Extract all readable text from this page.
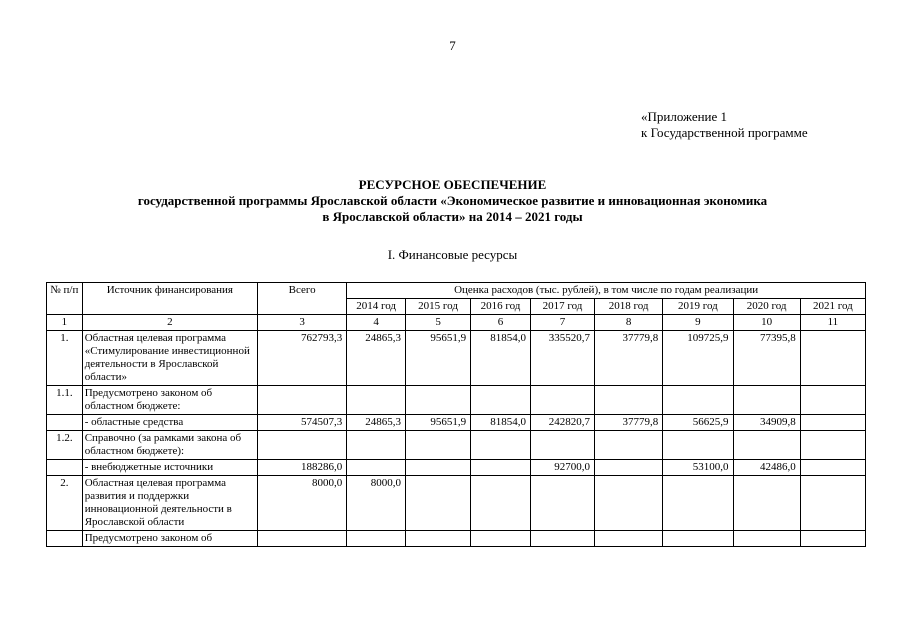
7
«Приложение 1
к Государственной программе
РЕСУРСНОЕ ОБЕСПЕЧЕНИЕ
государственной программы Ярославской области «Экономическое развитие и инновационная экономика
в Ярославской области» на 2014 – 2021 годы
I. Финансовые ресурсы
№ п/п	Источник финансирования	Всего	Оценка расходов (тыс. рублей), в том числе по годам реализации							
			2014 год	2015 год	2016 год	2017 год	2018 год	2019 год	2020 год	2021 год
1	2	3	4	5	6	7	8	9	10	11
1.	Областная целевая программа «Стимулирование инвестиционной деятельности в Ярославской области»	762793,3	24865,3	95651,9	81854,0	335520,7	37779,8	109725,9	77395,8	
1.1.	Предусмотрено законом об областном бюджете:									
	- областные средства	574507,3	24865,3	95651,9	81854,0	242820,7	37779,8	56625,9	34909,8	
1.2.	Справочно (за рамками закона об областном бюджете):									
	- внебюджетные источники	188286,0				92700,0		53100,0	42486,0	
2.	Областная целевая программа развития и поддержки инновационной деятельности в Ярославской области	8000,0	8000,0							
	Предусмотрено законом об									
